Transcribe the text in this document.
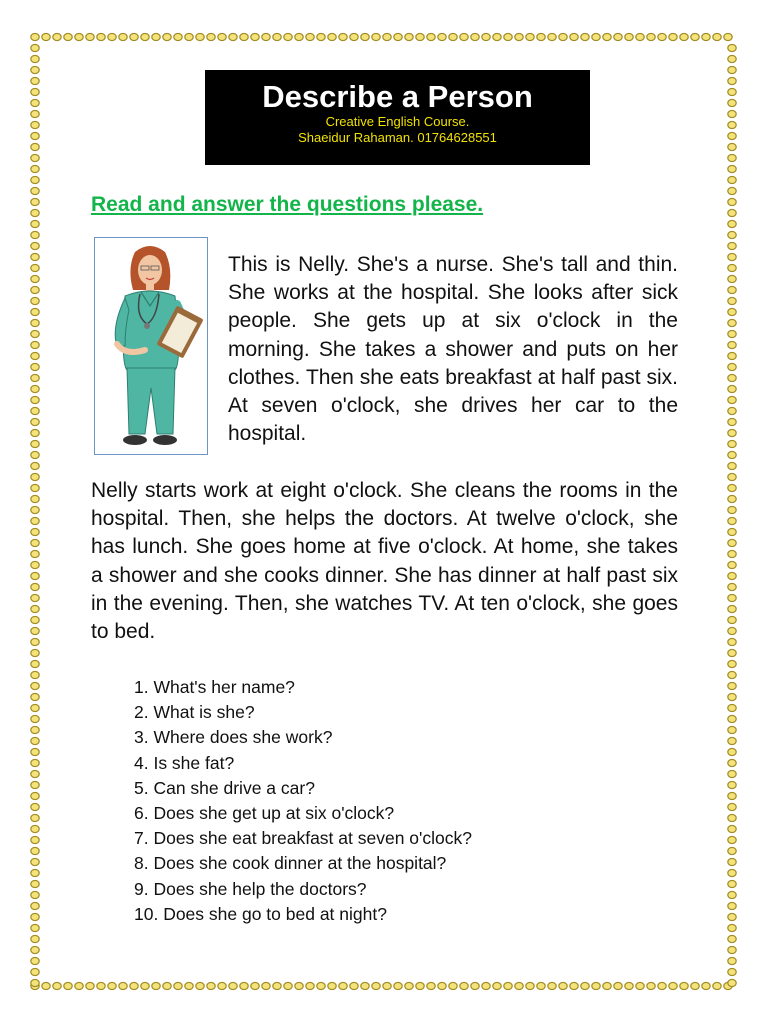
Describe a Person
Creative English Course.
Shaeidur Rahaman. 01764628551
Read and answer the questions please.
This is Nelly. She's a nurse. She's tall and thin. She works at the hospital. She looks after sick people. She gets up at six o'clock in the morning. She takes a shower and puts on her clothes. Then she eats breakfast at half past six. At seven o'clock, she drives her car to the hospital.
Nelly starts work at eight o'clock. She cleans the rooms in the hospital. Then, she helps the doctors. At twelve o'clock, she has lunch. She goes home at five o'clock. At home, she takes a shower and she cooks dinner. She has dinner at half past six in the evening. Then, she watches TV. At ten o'clock, she goes to bed.
1. What's her name?
2. What is she?
3. Where does she work?
4. Is she fat?
5. Can she drive a car?
6. Does she get up at six o'clock?
7. Does she eat breakfast at seven o'clock?
8. Does she cook dinner at the hospital?
9. Does she help the doctors?
10. Does she go to bed at night?
